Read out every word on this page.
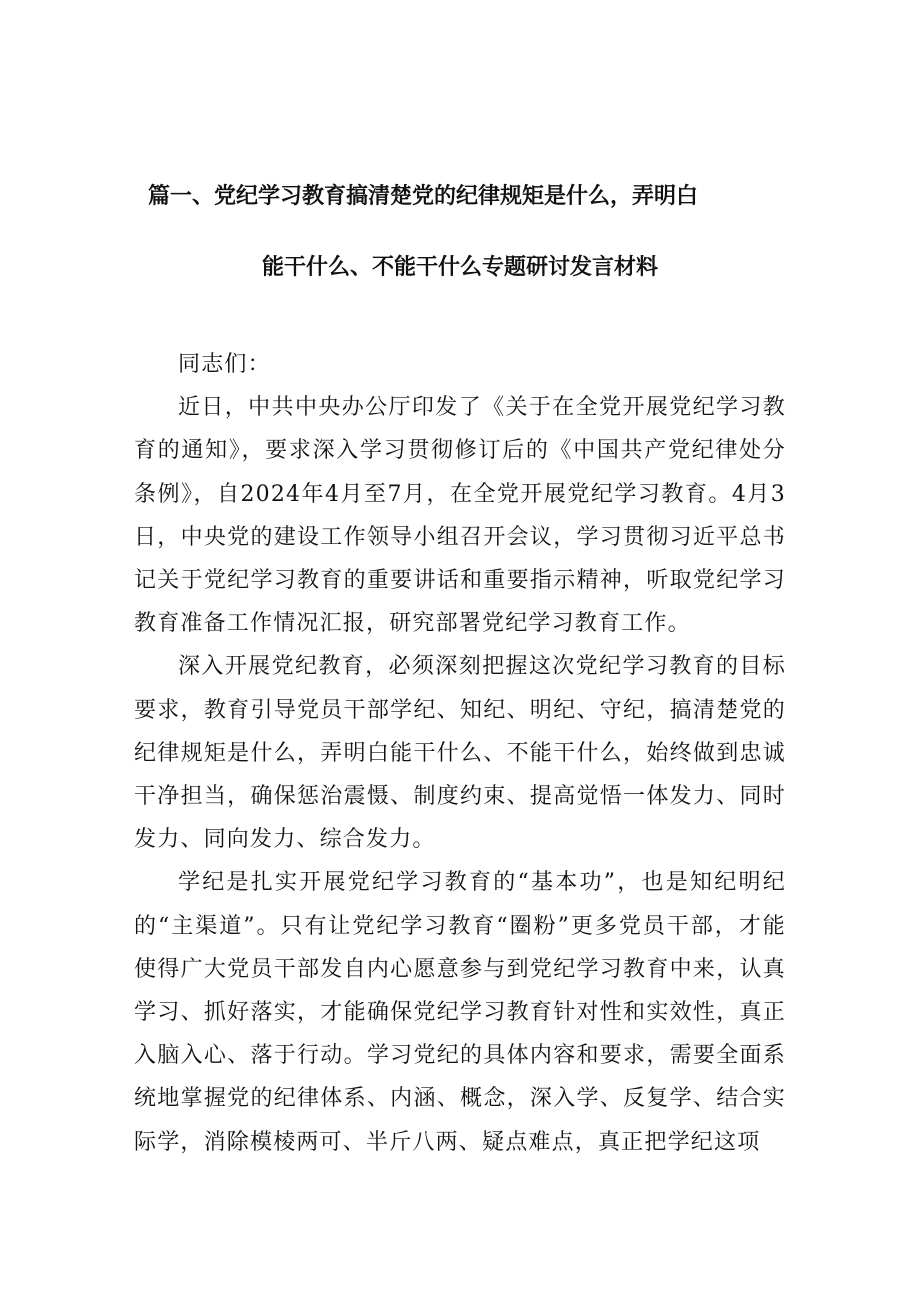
篇一、党纪学习教育搞清楚党的纪律规矩是什么，弄明白
能干什么、不能干什么专题研讨发言材料

同志们：

近日，中共中央办公厅印发了《关于在全党开展党纪学习教育的通知》，要求深入学习贯彻修订后的《中国共产党纪律处分条例》，自2024年4月至7月，在全党开展党纪学习教育。4月3日，中央党的建设工作领导小组召开会议，学习贯彻习近平总书记关于党纪学习教育的重要讲话和重要指示精神，听取党纪学习教育准备工作情况汇报，研究部署党纪学习教育工作。

深入开展党纪教育，必须深刻把握这次党纪学习教育的目标要求，教育引导党员干部学纪、知纪、明纪、守纪，搞清楚党的纪律规矩是什么，弄明白能干什么、不能干什么，始终做到忠诚干净担当，确保惩治震慑、制度约束、提高觉悟一体发力、同时发力、同向发力、综合发力。

学纪是扎实开展党纪学习教育的“基本功”，也是知纪明纪的“主渠道”。只有让党纪学习教育“圈粉”更多党员干部，才能使得广大党员干部发自内心愿意参与到党纪学习教育中来，认真学习、抓好落实，才能确保党纪学习教育针对性和实效性，真正入脑入心、落于行动。学习党纪的具体内容和要求，需要全面系统地掌握党的纪律体系、内涵、概念，深入学、反复学、结合实际学，消除模棱两可、半斤八两、疑点难点，真正把学纪这项
